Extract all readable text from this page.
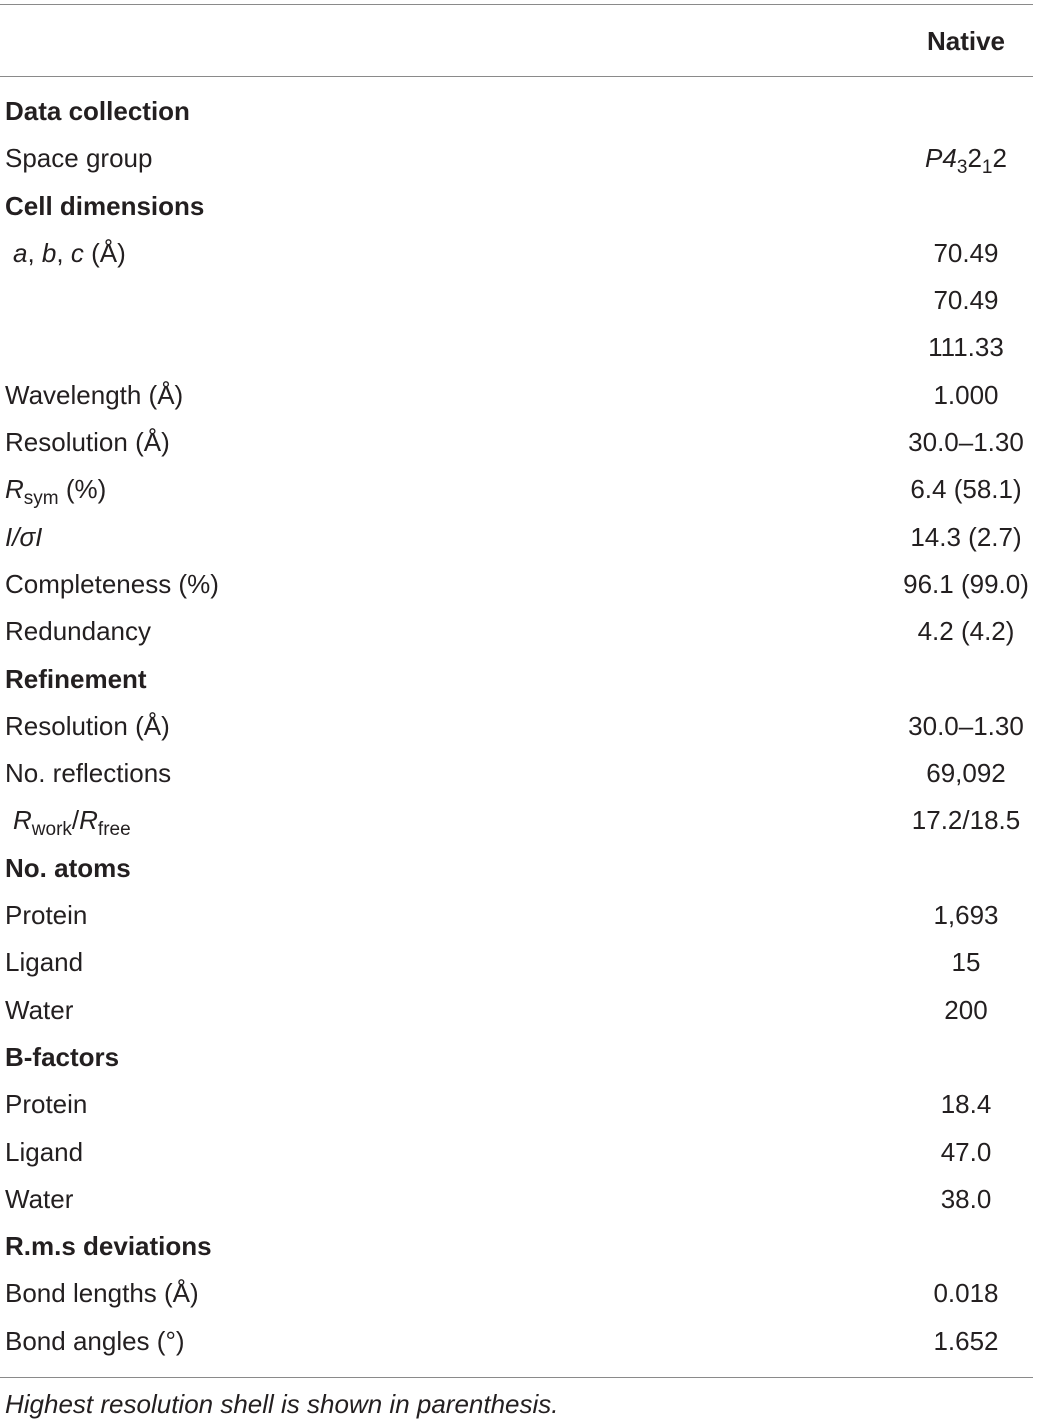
Native
Data collection
Space group	$P4_32_12$
Cell dimensions
a, b, c (Å)	70.49
70.49
111.33
Wavelength (Å)	1.000
Resolution (Å)	30.0–1.30
$R_{sym}$ (%)	6.4 (58.1)
I/σI	14.3 (2.7)
Completeness (%)	96.1 (99.0)
Redundancy	4.2 (4.2)
Refinement
Resolution (Å)	30.0–1.30
No. reflections	69,092
$R_{work}/R_{free}$	17.2/18.5
No. atoms
Protein	1,693
Ligand	15
Water	200
B-factors
Protein	18.4
Ligand	47.0
Water	38.0
R.m.s deviations
Bond lengths (Å)	0.018
Bond angles (°)	1.652
Highest resolution shell is shown in parenthesis.
